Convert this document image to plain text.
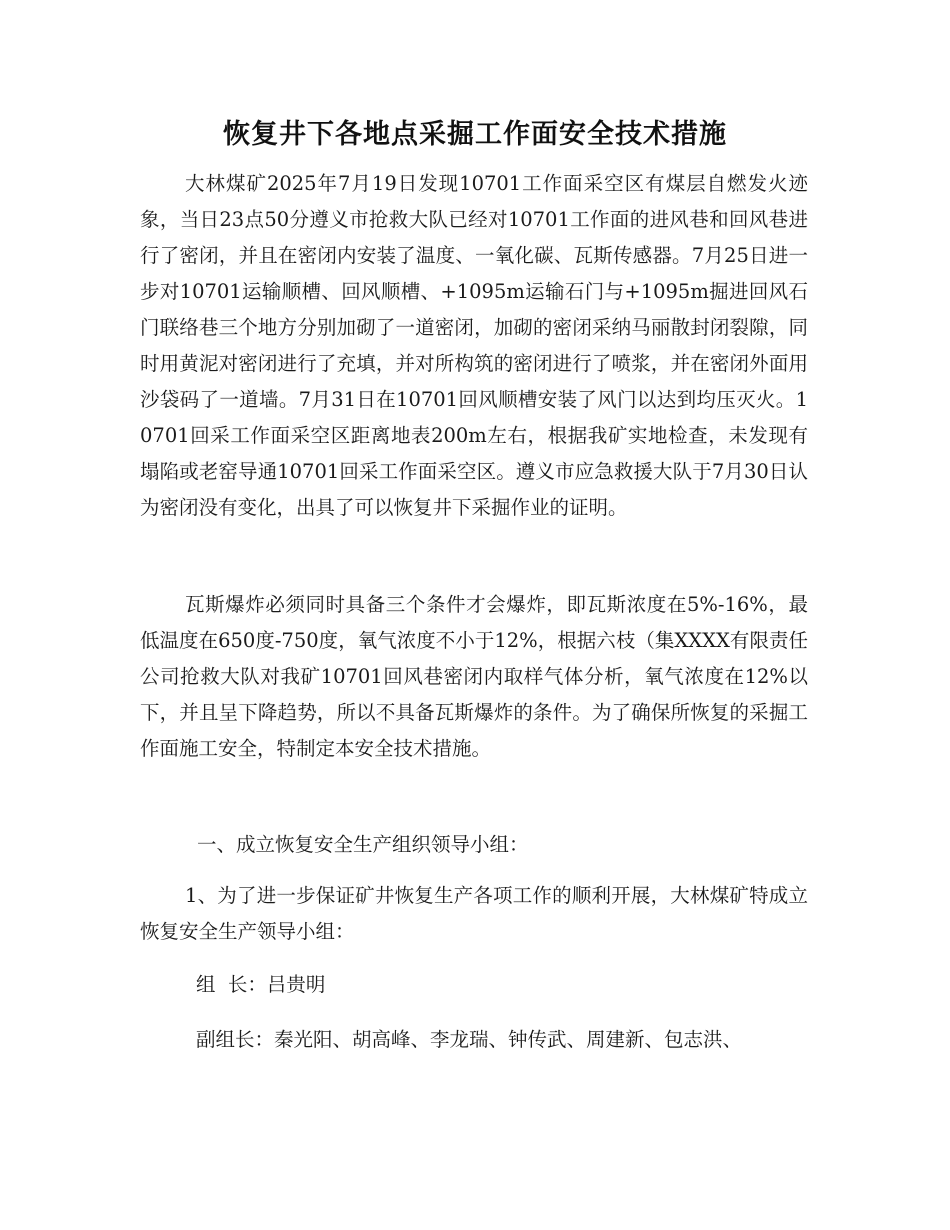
恢复井下各地点采掘工作面安全技术措施

大林煤矿2025年7月19日发现10701工作面采空区有煤层自燃发火迹象，当日23点50分遵义市抢救大队已经对10701工作面的进风巷和回风巷进行了密闭，并且在密闭内安装了温度、一氧化碳、瓦斯传感器。7月25日进一步对10701运输顺槽、回风顺槽、+1095m运输石门与+1095m掘进回风石门联络巷三个地方分别加砌了一道密闭，加砌的密闭采纳马丽散封闭裂隙，同时用黄泥对密闭进行了充填，并对所构筑的密闭进行了喷浆，并在密闭外面用沙袋码了一道墙。7月31日在10701回风顺槽安装了风门以达到均压灭火。10701回采工作面采空区距离地表200m左右，根据我矿实地检查，未发现有塌陷或老窑导通10701回采工作面采空区。遵义市应急救援大队于7月30日认为密闭没有变化，出具了可以恢复井下采掘作业的证明。

瓦斯爆炸必须同时具备三个条件才会爆炸，即瓦斯浓度在5%-16%，最低温度在650度-750度，氧气浓度不小于12%，根据六枝（集XXXX有限责任公司抢救大队对我矿10701回风巷密闭内取样气体分析，氧气浓度在12%以下，并且呈下降趋势，所以不具备瓦斯爆炸的条件。为了确保所恢复的采掘工作面施工安全，特制定本安全技术措施。

一、成立恢复安全生产组织领导小组：

1、为了进一步保证矿井恢复生产各项工作的顺利开展，大林煤矿特成立恢复安全生产领导小组：

组  长：吕贵明

副组长：秦光阳、胡高峰、李龙瑞、钟传武、周建新、包志洪、
